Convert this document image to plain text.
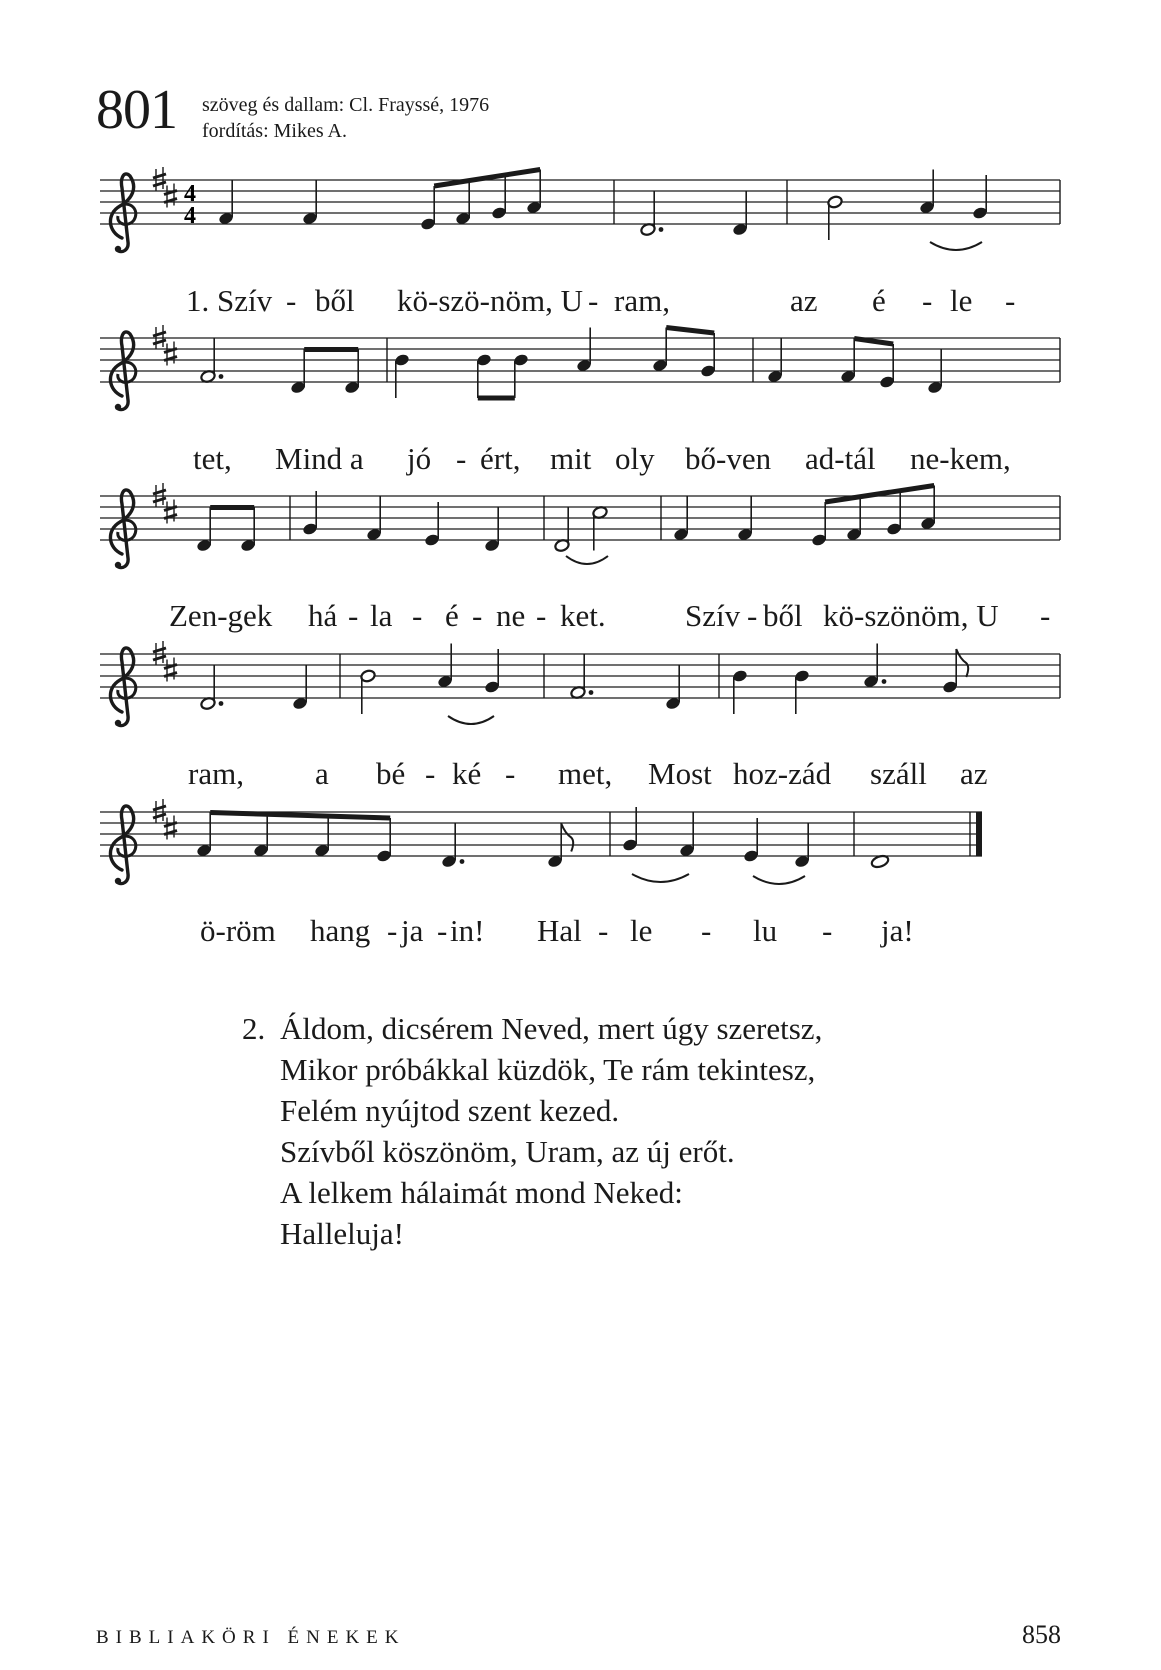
801 szöveg és dallam: Cl. Frayssé, 1976
fordítás: Mikes A.
4
4
1. Szív - ből kö-szö-nöm, U - ram,	az é - le -
tet, Mind a jó - ért, mit oly bő-ven ad-tál ne-kem,
Zen-gek há - la - é - ne - ket.	Szív - ből kö-szönöm, U -
ram, a bé - ké - met, Most hoz-zád száll az
ö-röm hang - ja - in! Hal - le - lu - ja!
2. Áldom, dicsérem Neved, mert úgy szeretsz,
Mikor próbákkal küzdök, Te rám tekintesz,
Felém nyújtod szent kezed.
Szívből köszönöm, Uram, az új erőt.
A lelkem hálaimát mond Neked:
Halleluja!
BIBLIAKÖRI ÉNEKEK	858
